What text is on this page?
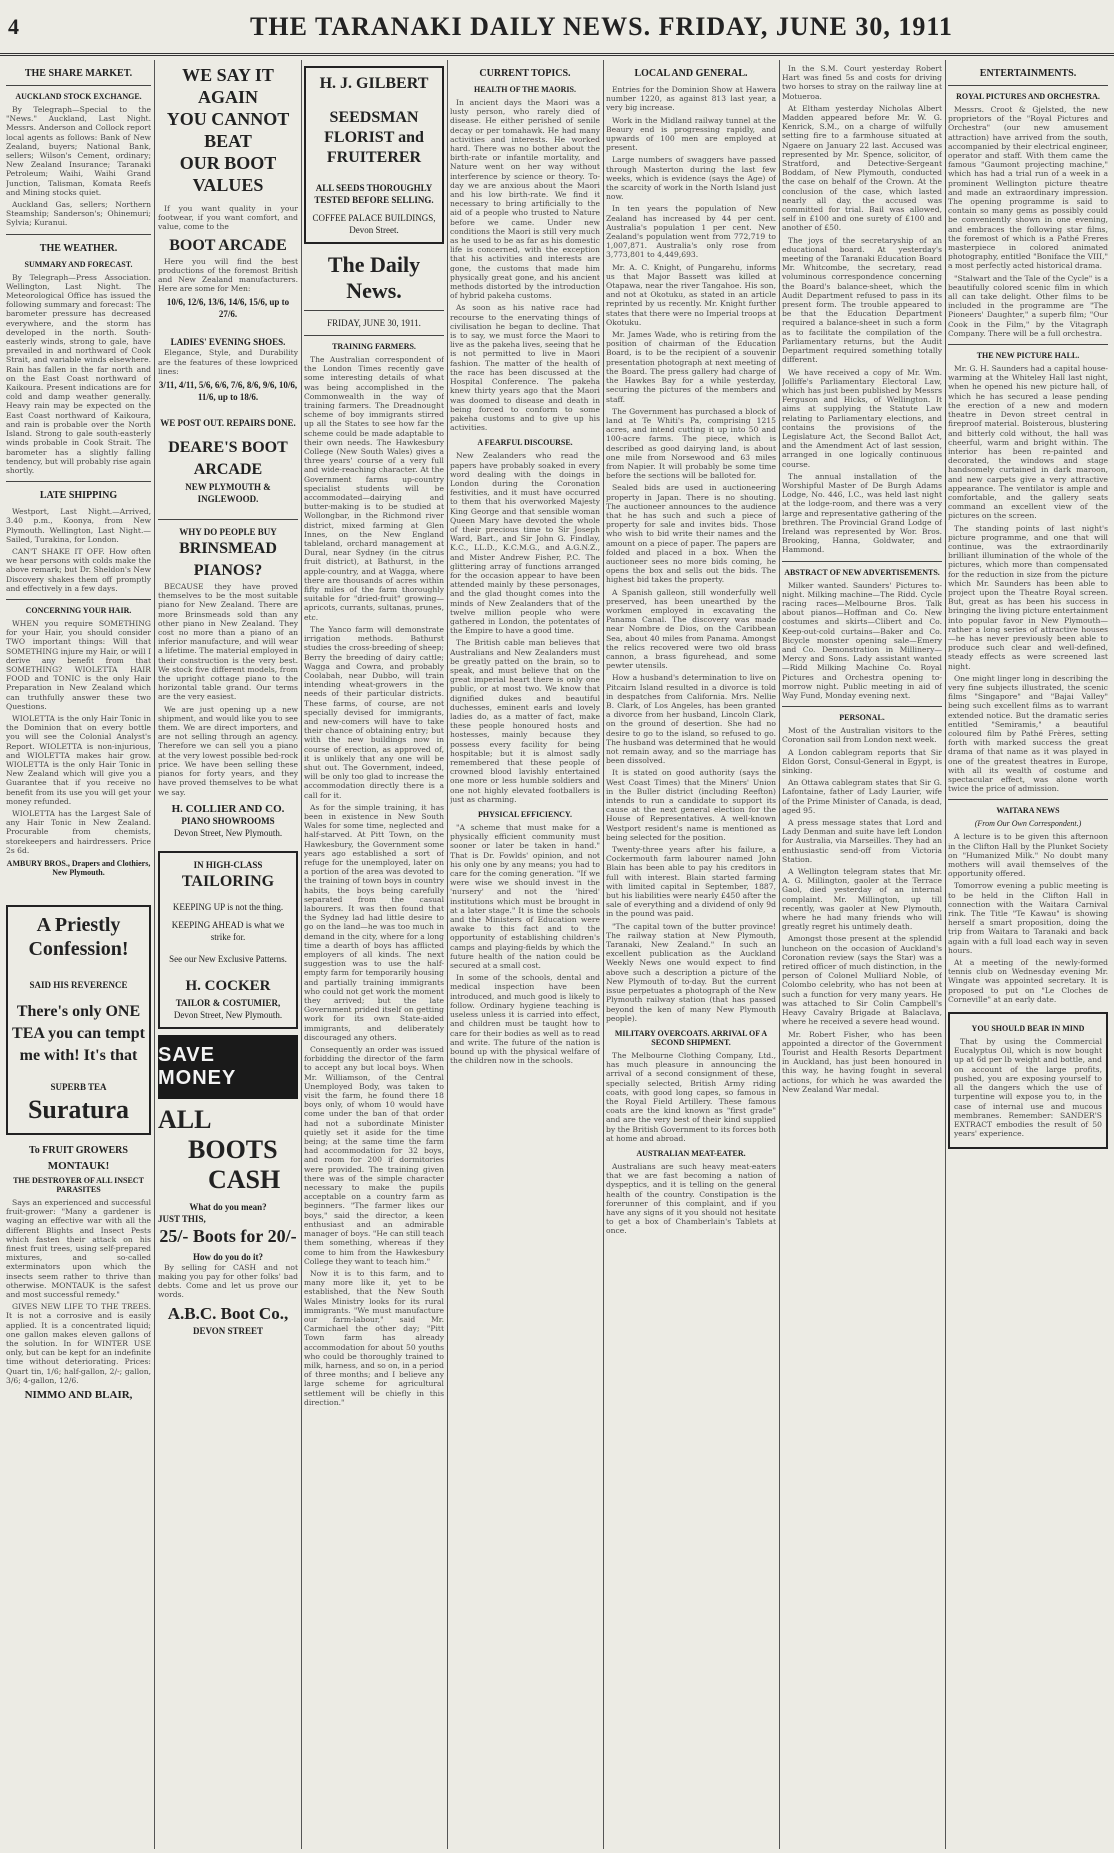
4	THE TARANAKI DAILY NEWS. FRIDAY, JUNE 30, 1911
THE SHARE MARKET.
AUCKLAND STOCK EXCHANGE.

By Telegraph—Special to the "News." Auckland, Last Night. Messrs. Anderson and Collock report local agents as follows: Bank of New Zealand, buyers; National Bank, sellers; Wilson's Cement, ordinary; New Zealand Insurance; Taranaki Petroleum; Waihi, Waihi Grand Junction, Talisman, Komata Reefs and Mining stocks quiet.

Auckland Gas, sellers; Northern Steamship; Sanderson's; Ohinemuri; Sylvia; Kuranui.

THE WEATHER.
SUMMARY AND FORECAST.

By Telegraph—Press Association. Wellington, Last Night. The Meteorological Office has issued the following summary and forecast: The barometer pressure has decreased everywhere, and the storm has developed in the north. South-easterly winds, strong to gale, have prevailed in and northward of Cook Strait, and variable winds elsewhere. Rain has fallen in the far north and on the East Coast northward of Kaikoura. Present indications are for cold and damp weather generally. Heavy rain may be expected on the East Coast northward of Kaikoura, and rain is probable over the North Island. Strong to gale south-easterly winds probable in Cook Strait. The barometer has a slightly falling tendency, but will probably rise again shortly.

LATE SHIPPING

Westport, Last Night.—Arrived, 3.40 p.m., Koonya, from New Plymouth. Wellington, Last Night.—Sailed, Turakina, for London.

CAN'T SHAKE IT OFF. How often we hear persons with colds make the above remark; but Dr. Sheldon's New Discovery shakes them off promptly and effectively in a few days.

CONCERNING YOUR HAIR.

WHEN you require SOMETHING for your Hair, you should consider TWO important things: Will that SOMETHING injure my Hair, or will I derive any benefit from that SOMETHING? WIOLETTA HAIR FOOD and TONIC is the only Hair Preparation in New Zealand which can truthfully answer these two Questions.

WIOLETTA is the only Hair Tonic in the Dominion that on every bottle you will see the Colonial Analyst's Report. WIOLETTA is non-injurious, and WIOLETTA makes hair grow. WIOLETTA is the only Hair Tonic in New Zealand which will give you a Guarantee that if you receive no benefit from its use you will get your money refunded.

WIOLETTA has the Largest Sale of any Hair Tonic in New Zealand. Procurable from chemists, storekeepers and hairdressers. Price 2s 6d.

AMBURY BROS., Drapers and Clothiers, New Plymouth.
A Priestly
Confession!
SAID HIS REVERENCE
There's only ONE TEA you can tempt me with! It's that
SUPERB TEA
Suratura
To FRUIT GROWERS
MONTAUK!
THE DESTROYER OF ALL INSECT PARASITES

Says an experienced and successful fruit-grower: "Many a gardener is waging an effective war with all the different Blights and Insect Pests which fasten their attack on his finest fruit trees, using self-prepared mixtures, and so-called exterminators upon which the insects seem rather to thrive than otherwise. MONTAUK is the safest and most successful remedy."

GIVES NEW LIFE TO THE TREES. It is not a corrosive and is easily applied. It is a concentrated liquid; one gallon makes eleven gallons of the solution. In for WINTER USE only, but can be kept for an indefinite time without deteriorating. Prices: Quart tin, 1/6; half-gallon, 2/-; gallon, 3/6; 4-gallon, 12/6.

NIMMO AND BLAIR,
WE SAY IT AGAIN
YOU CANNOT BEAT
OUR BOOT VALUES

If you want quality in your footwear, if you want comfort, and value, come to the

BOOT ARCADE

Here you will find the best productions of the foremost British and New Zealand manufacturers. Here are some for Men:

10/6, 12/6, 13/6, 14/6, 15/6, up to 27/6.
LADIES' EVENING SHOES.

Elegance, Style, and Durability are the features of these lowpriced lines:

3/11, 4/11, 5/6, 6/6, 7/6, 8/6, 9/6, 10/6, 11/6, up to 18/6.
WE POST OUT. REPAIRS DONE.
DEARE'S BOOT ARCADE
NEW PLYMOUTH & INGLEWOOD.
WHY DO PEOPLE BUY
BRINSMEAD PIANOS?

BECAUSE they have proved themselves to be the most suitable piano for New Zealand. There are more Brinsmeads sold than any other piano in New Zealand. They cost no more than a piano of an inferior manufacture, and will wear a lifetime. The material employed in their construction is the very best. We stock five different models, from the upright cottage piano to the horizontal table grand. Our terms are the very easiest.

We are just opening up a new shipment, and would like you to see them. We are direct importers, and are not selling through an agency. Therefore we can sell you a piano at the very lowest possible bed-rock price. We have been selling these pianos for forty years, and they have proved themselves to be what we say.

H. COLLIER AND CO.
PIANO SHOWROOMS
Devon Street, New Plymouth.
IN HIGH-CLASS
TAILORING
KEEPING UP is not the thing.
KEEPING AHEAD is what we strike for.
See our New Exclusive Patterns.
H. COCKER
TAILOR & COSTUMIER,
Devon Street, New Plymouth.
SAVE MONEY
ALL
BOOTS
CASH
What do you mean?
JUST THIS,
25/- Boots for 20/-
How do you do it?

By selling for CASH and not making you pay for other folks' bad debts. Come and let us prove our words.

A.B.C. Boot Co.,
DEVON STREET
H. J. GILBERT
SEEDSMAN FLORIST and FRUITERER
ALL SEEDS THOROUGHLY TESTED BEFORE SELLING.
COFFEE PALACE BUILDINGS, Devon Street.
The Daily News.
FRIDAY, JUNE 30, 1911.
TRAINING FARMERS.

The Australian correspondent of the London Times recently gave some interesting details of what was being accomplished in the Commonwealth in the way of training farmers. The Dreadnought scheme of boy immigrants stirred up all the States to see how far the scheme could be made adaptable to their own needs. The Hawkesbury College (New South Wales) gives a three years' course of a very full and wide-reaching character. At the Government farms up-country specialist students will be accommodated—dairying and butter-making is to be studied at Wollongbar, in the Richmond river district, mixed farming at Glen Innes, on the New England tableland, orchard management at Dural, near Sydney (in the citrus fruit district), at Bathurst, in the apple-country, and at Wagga, where there are thousands of acres within fifty miles of the farm thoroughly suitable for "dried-fruit" growing—apricots, currants, sultanas, prunes, etc.

The Yanco farm will demonstrate irrigation methods. Bathurst studies the cross-breeding of sheep; Berry the breeding of dairy cattle; Wagga and Cowra, and probably Coolabah, near Dubbo, will train intending wheat-growers in the needs of their particular districts. These farms, of course, are not specially devised for immigrants, and new-comers will have to take their chance of obtaining entry; but with the new buildings now in course of erection, as approved of, it is unlikely that any one will be shut out. The Government, indeed, will be only too glad to increase the accommodation directly there is a call for it.

As for the simple training, it has been in existence in New South Wales for some time, neglected and half-starved. At Pitt Town, on the Hawkesbury, the Government some years ago established a sort of refuge for the unemployed, later on a portion of the area was devoted to the training of town boys in country habits, the boys being carefully separated from the casual labourers. It was then found that the Sydney lad had little desire to go on the land—he was too much in demand in the city, where for a long time a dearth of boys has afflicted employers of all kinds. The next suggestion was to use the half-empty farm for temporarily housing and partially training immigrants who could not get work the moment they arrived; but the late Government prided itself on getting work for its own State-aided immigrants, and deliberately discouraged any others.

Consequently an order was issued forbidding the director of the farm to accept any but local boys. When Mr. Williamson, of the Central Unemployed Body, was taken to visit the farm, he found there 18 boys only, of whom 10 would have come under the ban of that order had not a subordinate Minister quietly set it aside for the time being; at the same time the farm had accommodation for 32 boys, and room for 200 if dormitories were provided. The training given there was of the simple character necessary to make the pupils acceptable on a country farm as beginners. "The farmer likes our boys," said the director, a keen enthusiast and an admirable manager of boys. "He can still teach them something, whereas if they come to him from the Hawkesbury College they want to teach him."

Now it is to this farm, and to many more like it, yet to be established, that the New South Wales Ministry looks for its rural immigrants. "We must manufacture our farm-labour," said Mr. Carmichael the other day; "Pitt Town farm has already accommodation for about 50 youths who could be thoroughly trained to milk, harness, and so on, in a period of three months; and I believe any large scheme for agricultural settlement will be chiefly in this direction."

CURRENT TOPICS.
HEALTH OF THE MAORIS.

In ancient days the Maori was a lusty person, who rarely died of disease. He either perished of senile decay or per tomahawk. He had many activities and interests. He worked hard. There was no bother about the birth-rate or infantile mortality, and Nature went on her way without interference by science or theory. To-day we are anxious about the Maori and his low birth-rate. We find it necessary to bring artificially to the aid of a people who trusted to Nature before we came. Under new conditions the Maori is still very much as he used to be as far as his domestic life is concerned, with the exception that his activities and interests are gone, the customs that made him physically great gone, and his ancient methods distorted by the introduction of hybrid pakeha customs.

As soon as his native race had recourse to the enervating things of civilisation he began to decline. That is to say, we must force the Maori to live as the pakeha lives, seeing that he is not permitted to live in Maori fashion. The matter of the health of the race has been discussed at the Hospital Conference. The pakeha knew thirty years ago that the Maori was doomed to disease and death in being forced to conform to some pakeha customs and to give up his activities.

A FEARFUL DISCOURSE.

New Zealanders who read the papers have probably soaked in every word dealing with the doings in London during the Coronation festivities, and it must have occurred to them that his overworked Majesty King George and that sensible woman Queen Mary have devoted the whole of their precious time to Sir Joseph Ward, Bart., and Sir John G. Findlay, K.C., LL.D., K.C.M.G., and A.G.N.Z., and Mister Andrew Fisher, P.C. The glittering array of functions arranged for the occasion appear to have been attended mainly by these personages, and the glad thought comes into the minds of New Zealanders that of the twelve million people who were gathered in London, the potentates of the Empire to have a good time.

The British cable man believes that Australians and New Zealanders must be greatly patted on the brain, so to speak, and must believe that on the great imperial heart there is only one public, or at most two. We know that dignified dukes and beautiful duchesses, eminent earls and lovely ladies do, as a matter of fact, make these people honoured hosts and hostesses, mainly because they possess every facility for being hospitable; but it is almost sadly remembered that these people of crowned blood lavishly entertained one more or less humble soldiers and one not highly elevated footballers is just as charming.

PHYSICAL EFFICIENCY.

"A scheme that must make for a physically efficient community must sooner or later be taken in hand." That is Dr. Fowlds' opinion, and not his only one by any means; you had to care for the coming generation. "If we were wise we should invest in the 'nursery' and not the 'hired' institutions which must be brought in at a later stage." It is time the schools and the Ministers of Education were awake to this fact and to the opportunity of establishing children's camps and playing-fields by which the future health of the nation could be secured at a small cost.

In some of the schools, dental and medical inspection have been introduced, and much good is likely to follow. Ordinary hygiene teaching is useless unless it is carried into effect, and children must be taught how to care for their bodies as well as to read and write. The future of the nation is bound up with the physical welfare of the children now in the schools.

LOCAL AND GENERAL.

Entries for the Dominion Show at Hawera number 1220, as against 813 last year, a very big increase.

Work in the Midland railway tunnel at the Beaury end is progressing rapidly, and upwards of 100 men are employed at present.

Large numbers of swaggers have passed through Masterton during the last few weeks, which is evidence (says the Age) of the scarcity of work in the North Island just now.

In ten years the population of New Zealand has increased by 44 per cent. Australia's population 1 per cent. New Zealand's population went from 772,719 to 1,007,871. Australia's only rose from 3,773,801 to 4,449,693.

Mr. A. C. Knight, of Pungarehu, informs us that Major Bassett was killed at Otapawa, near the river Tangahoe. His son, and not at Okotuku, as stated in an article reprinted by us recently. Mr. Knight further states that there were no Imperial troops at Okotuku.

Mr. James Wade, who is retiring from the position of chairman of the Education Board, is to be the recipient of a souvenir presentation photograph at next meeting of the Board. The press gallery had charge of the Hawkes Bay for a while yesterday, securing the pictures of the members and staff.

The Government has purchased a block of land at Te Whiti's Pa, comprising 1215 acres, and intend cutting it up into 50 and 100-acre farms. The piece, which is described as good dairying land, is about one mile from Norsewood and 63 miles from Napier. It will probably be some time before the sections will be balloted for.

Sealed bids are used in auctioneering property in Japan. There is no shouting. The auctioneer announces to the audience that he has such and such a piece of property for sale and invites bids. Those who wish to bid write their names and the amount on a piece of paper. The papers are folded and placed in a box. When the auctioneer sees no more bids coming, he opens the box and sells out the bids. The highest bid takes the property.

A Spanish galleon, still wonderfully well preserved, has been unearthed by the workmen employed in excavating the Panama Canal. The discovery was made near Nombre de Dios, on the Caribbean Sea, about 40 miles from Panama. Amongst the relics recovered were two old brass cannon, a brass figurehead, and some pewter utensils.

How a husband's determination to live on Pitcairn Island resulted in a divorce is told in despatches from California. Mrs. Nellie B. Clark, of Los Angeles, has been granted a divorce from her husband, Lincoln Clark, on the ground of desertion. She had no desire to go to the island, so refused to go. The husband was determined that he would not remain away, and so the marriage has been dissolved.

It is stated on good authority (says the West Coast Times) that the Miners' Union in the Buller district (including Reefton) intends to run a candidate to support its cause at the next general election for the House of Representatives. A well-known Westport resident's name is mentioned as being selected for the position.

Twenty-three years after his failure, a Cockermouth farm labourer named John Blain has been able to pay his creditors in full with interest. Blain started farming with limited capital in September, 1887, but his liabilities were nearly £450 after the sale of everything and a dividend of only 9d in the pound was paid.

"The capital town of the butter province! The railway station at New Plymouth, Taranaki, New Zealand." In such an excellent publication as the Auckland Weekly News one would expect to find above such a description a picture of the New Plymouth of to-day. But the current issue perpetuates a photograph of the New Plymouth railway station (that has passed beyond the ken of many New Plymouth people).

MILITARY OVERCOATS. ARRIVAL OF A SECOND SHIPMENT.

The Melbourne Clothing Company, Ltd., has much pleasure in announcing the arrival of a second consignment of these, specially selected, British Army riding coats, with good long capes, so famous in the Royal Field Artillery. These famous coats are the kind known as "first grade" and are the very best of their kind supplied by the British Government to its forces both at home and abroad.

AUSTRALIAN MEAT-EATER.

Australians are such heavy meat-eaters that we are fast becoming a nation of dyspeptics, and it is telling on the general health of the country. Constipation is the forerunner of this complaint, and if you have any signs of it you should not hesitate to get a box of Chamberlain's Tablets at once.

In the S.M. Court yesterday Robert Hart was fined 5s and costs for driving two horses to stray on the railway line at Motueroa.

At Eltham yesterday Nicholas Albert Madden appeared before Mr. W. G. Kenrick, S.M., on a charge of wilfully setting fire to a farmhouse situated at Ngaere on January 22 last. Accused was represented by Mr. Spence, solicitor, of Stratford, and Detective-Sergeant Boddam, of New Plymouth, conducted the case on behalf of the Crown. At the conclusion of the case, which lasted nearly all day, the accused was committed for trial. Bail was allowed, self in £100 and one surety of £100 and another of £50.

The joys of the secretaryship of an educational board. At yesterday's meeting of the Taranaki Education Board Mr. Whitcombe, the secretary, read voluminous correspondence concerning the Board's balance-sheet, which the Audit Department refused to pass in its present form. The trouble appeared to be that the Education Department required a balance-sheet in such a form as to facilitate the compilation of the Parliamentary returns, but the Audit Department required something totally different.

We have received a copy of Mr. Wm. Jolliffe's Parliamentary Electoral Law, which has just been published by Messrs Ferguson and Hicks, of Wellington. It aims at supplying the Statute Law relating to Parliamentary elections, and contains the provisions of the Legislature Act, the Second Ballot Act, and the Amendment Act of last session, arranged in one logically continuous course.

The annual installation of the Worshipful Master of De Burgh Adams Lodge, No. 446, I.C., was held last night at the lodge-room, and there was a very large and representative gathering of the brethren. The Provincial Grand Lodge of Ireland was represented by Wor. Bros. Brooking, Hanna, Goldwater, and Hammond.

ABSTRACT OF NEW ADVERTISEMENTS.

Milker wanted. Saunders' Pictures to-night. Milking machine—The Ridd. Cycle racing races—Melbourne Bros. Talk about pianos—Hoffman and Co. New costumes and skirts—Clibert and Co. Keep-out-cold curtains—Baker and Co. Bicycle monster opening sale—Emery and Co. Demonstration in Millinery—Mercy and Sons. Lady assistant wanted—Ridd Milking Machine Co. Royal Pictures and Orchestra opening to-morrow night. Public meeting in aid of Way Fund, Monday evening next.

PERSONAL.

Most of the Australian visitors to the Coronation sail from London next week.

A London cablegram reports that Sir Eldon Gorst, Consul-General in Egypt, is sinking.

An Ottawa cablegram states that Sir G. Lafontaine, father of Lady Laurier, wife of the Prime Minister of Canada, is dead, aged 95.

A press message states that Lord and Lady Denman and suite have left London for Australia, via Marseilles. They had an enthusiastic send-off from Victoria Station.

A Wellington telegram states that Mr. A. G. Millington, gaoler at the Terrace Gaol, died yesterday of an internal complaint. Mr. Millington, up till recently, was gaoler at New Plymouth, where he had many friends who will greatly regret his untimely death.

Amongst those present at the splendid luncheon on the occasion of Auckland's Coronation review (says the Star) was a retired officer of much distinction, in the person of Colonel Mulliard Noble, of Colombo celebrity, who has not been at such a function for very many years. He was attached to Sir Colin Campbell's Heavy Cavalry Brigade at Balaclava, where he received a severe head wound.

Mr. Robert Fisher, who has been appointed a director of the Government Tourist and Health Resorts Department in Auckland, has just been honoured in this way, he having fought in several actions, for which he was awarded the New Zealand War medal.

ENTERTAINMENTS.
ROYAL PICTURES AND ORCHESTRA.

Messrs. Croot & Gjelsted, the new proprietors of the "Royal Pictures and Orchestra" (our new amusement attraction) have arrived from the south, accompanied by their electrical engineer, operator and staff. With them came the famous "Gaumont projecting machine," which has had a trial run of a week in a prominent Wellington picture theatre and made an extraordinary impression. The opening programme is said to contain so many gems as possibly could be conveniently shown in one evening, and embraces the following star films, the foremost of which is a Pathé Freres masterpiece in colored animated photography, entitled "Boniface the VIII," a most perfectly acted historical drama.

"Stalwart and the Tale of the Cycle" is a beautifully colored scenic film in which all can take delight. Other films to be included in the programme are "The Pioneers' Daughter," a superb film; "Our Cook in the Film," by the Vitagraph Company. There will be a full orchestra.

THE NEW PICTURE HALL.

Mr. G. H. Saunders had a capital house-warming at the Whiteley Hall last night, when he opened his new picture hall, of which he has secured a lease pending the erection of a new and modern theatre in Devon street central in fireproof material. Boisterous, blustering and bitterly cold without, the hall was cheerful, warm and bright within. The interior has been re-painted and decorated, the windows and stage handsomely curtained in dark maroon, and new carpets give a very attractive appearance. The ventilator is ample and comfortable, and the gallery seats command an excellent view of the pictures on the screen.

The standing points of last night's picture programme, and one that will continue, was the extraordinarily brilliant illumination of the whole of the pictures, which more than compensated for the reduction in size from the picture which Mr. Saunders has been able to project upon the Theatre Royal screen. But, great as has been his success in bringing the living picture entertainment into popular favor in New Plymouth—rather a long series of attractive houses—he has never previously been able to produce such clear and well-defined, steady effects as were screened last night.

One might linger long in describing the very fine subjects illustrated, the scenic films "Singapore" and "Bajai Valley" being such excellent films as to warrant extended notice. But the dramatic series entitled "Semiramis," a beautiful coloured film by Pathé Frères, setting forth with marked success the great drama of that name as it was played in one of the greatest theatres in Europe, with all its wealth of costume and spectacular effect, was alone worth twice the price of admission.

WAITARA NEWS
(From Our Own Correspondent.)

A lecture is to be given this afternoon in the Clifton Hall by the Plunket Society on "Humanized Milk." No doubt many mothers will avail themselves of the opportunity offered.

Tomorrow evening a public meeting is to be held in the Clifton Hall in connection with the Waitara Carnival rink. The Title "Te Kawau" is showing herself a smart proposition, doing the trip from Waitara to Taranaki and back again with a full load each way in seven hours.

At a meeting of the newly-formed tennis club on Wednesday evening Mr. Wingate was appointed secretary. It is proposed to put on "Le Cloches de Corneville" at an early date.

YOU SHOULD BEAR IN MIND

That by using the Commercial Eucalyptus Oil, which is now bought up at 6d per lb weight and bottle, and on account of the large profits, pushed, you are exposing yourself to all the dangers which the use of turpentine will expose you to, in the case of internal use and mucous membranes. Remember: SANDER'S EXTRACT embodies the result of 50 years' experience.
